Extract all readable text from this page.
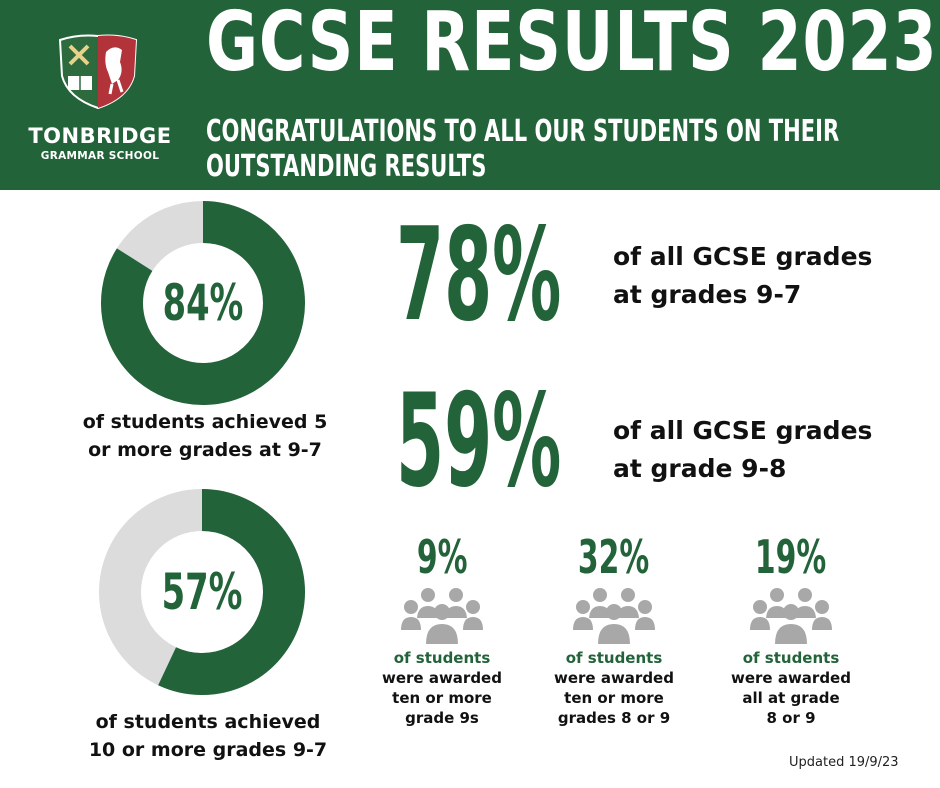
TONBRIDGE
GRAMMAR SCHOOL
GCSE RESULTS 2023
CONGRATULATIONS TO ALL OUR STUDENTS ON THEIR
OUTSTANDING RESULTS
84%
of students achieved 5
or more grades at 9-7
57%
of students achieved
10 or more grades 9-7
78% of all GCSE grades
at grades 9-7
59% of all GCSE grades
at grade 9-8
9%
of students
were awarded
ten or more
grade 9s
32%
of students
were awarded
ten or more
grades 8 or 9
19%
of students
were awarded
all at grade
8 or 9
Updated 19/9/23
